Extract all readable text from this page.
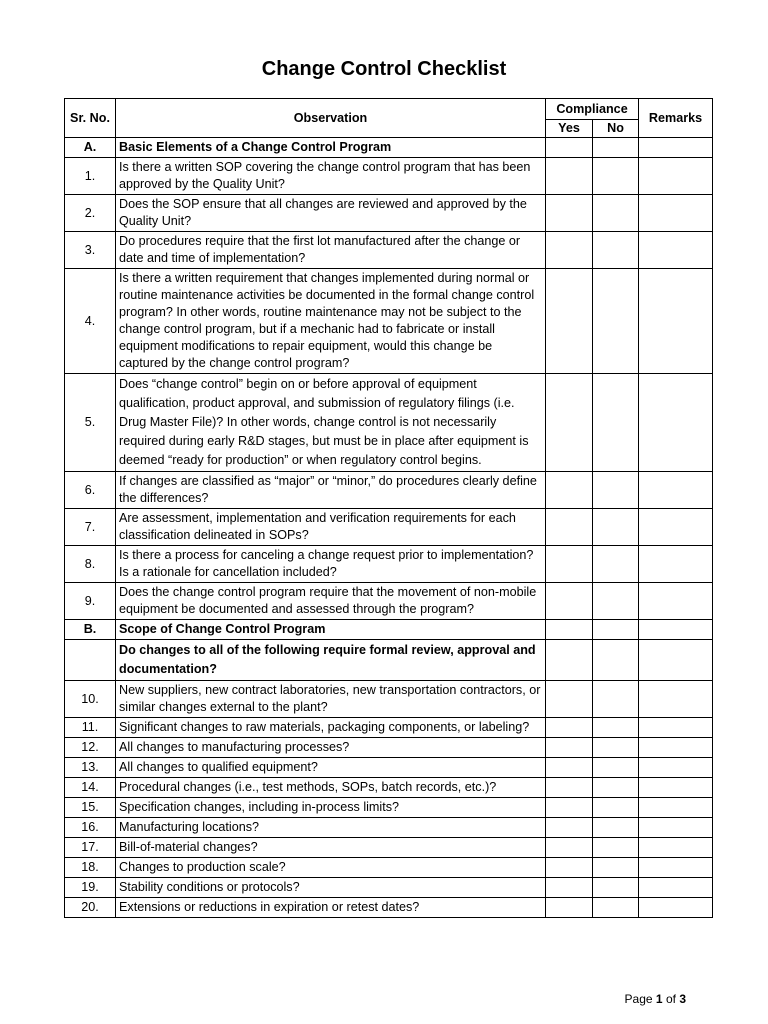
Change Control Checklist
Sr. No.	Observation	Compliance		Remarks
		Yes	No	
A.	Basic Elements of a Change Control Program			
1.	Is there a written SOP covering the change control program that has been approved by the Quality Unit?			
2.	Does the SOP ensure that all changes are reviewed and approved by the Quality Unit?			
3.	Do procedures require that the first lot manufactured after the change or date and time of implementation?			
4.	Is there a written requirement that changes implemented during normal or routine maintenance activities be documented in the formal change control program? In other words, routine maintenance may not be subject to the change control program, but if a mechanic had to fabricate or install equipment modifications to repair equipment, would this change be captured by the change control program?			
5.	Does “change control” begin on or before approval of equipment qualification, product approval, and submission of regulatory filings (i.e. Drug Master File)? In other words, change control is not necessarily required during early R&D stages, but must be in place after equipment is deemed “ready for production” or when regulatory control begins.			
6.	If changes are classified as “major” or “minor,” do procedures clearly define the differences?			
7.	Are assessment, implementation and verification requirements for each classification delineated in SOPs?			
8.	Is there a process for canceling a change request prior to implementation? Is a rationale for cancellation included?			
9.	Does the change control program require that the movement of non-mobile equipment be documented and assessed through the program?			
B.	Scope of Change Control Program			
	Do changes to all of the following require formal review, approval and documentation?			
10.	New suppliers, new contract laboratories, new transportation contractors, or similar changes external to the plant?			
11.	Significant changes to raw materials, packaging components, or labeling?			
12.	All changes to manufacturing processes?			
13.	All changes to qualified equipment?			
14.	Procedural changes (i.e., test methods, SOPs, batch records, etc.)?			
15.	Specification changes, including in-process limits?			
16.	Manufacturing locations?			
17.	Bill-of-material changes?			
18.	Changes to production scale?			
19.	Stability conditions or protocols?			
20.	Extensions or reductions in expiration or retest dates?			
Page 1 of 3
